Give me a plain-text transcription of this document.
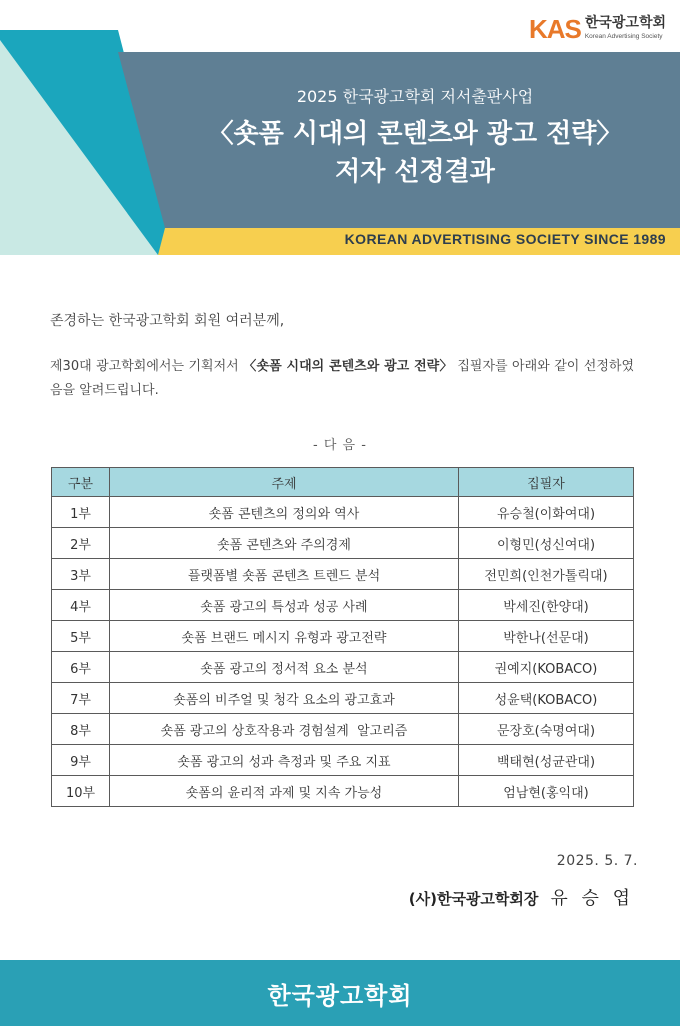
KAS 한국광고학회
Korean Advertising Society
2025 한국광고학회 저서출판사업
〈숏폼 시대의 콘텐츠와 광고 전략〉
저자 선정결과
KOREAN ADVERTISING SOCIETY SINCE 1989
존경하는 한국광고학회 회원 여러분께,
제30대 광고학회에서는 기획저서 〈숏폼 시대의 콘텐츠와 광고 전략〉 집필자를 아래와 같이 선정하였음을 알려드립니다.
- 다 음 -
구분	주제	집필자
1부	숏폼 콘텐츠의 정의와 역사	유승철(이화여대)
2부	숏폼 콘텐츠와 주의경제	이형민(성신여대)
3부	플랫폼별 숏폼 콘텐츠 트렌드 분석	전민희(인천가톨릭대)
4부	숏폼 광고의 특성과 성공 사례	박세진(한양대)
5부	숏폼 브랜드 메시지 유형과 광고전략	박한나(선문대)
6부	숏폼 광고의 정서적 요소 분석	권예지(KOBACO)
7부	숏폼의 비주얼 및 청각 요소의 광고효과	성윤택(KOBACO)
8부	숏폼 광고의 상호작용과 경험설계  알고리즘	문장호(숙명여대)
9부	숏폼 광고의 성과 측정과 및 주요 지표	백태현(성균관대)
10부	숏폼의 윤리적 과제 및 지속 가능성	엄남현(홍익대)
2025. 5. 7.
(사)한국광고학회장 유 승 엽
한국광고학회
